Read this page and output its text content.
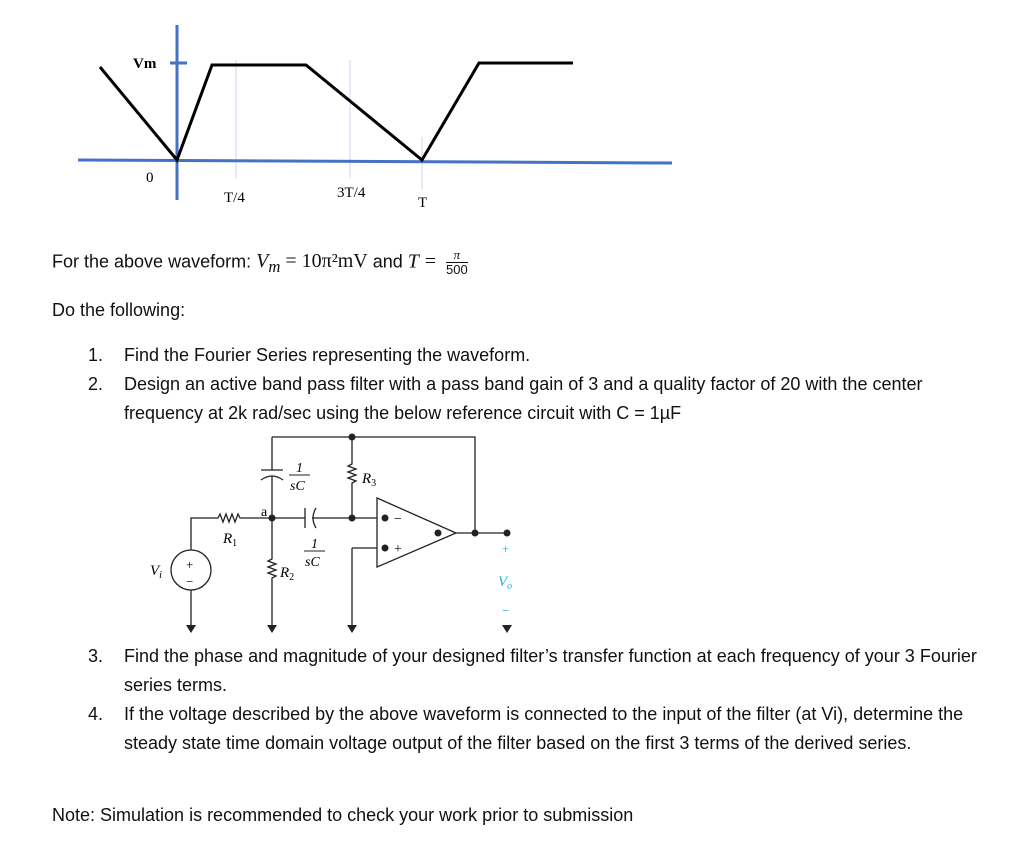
Vm
0
T/4	3T/4
T
For the above waveform: $V_m = 10\pi^2mV$ and $T = \frac{\pi}{500}$
Do the following:
1. Find the Fourier Series representing the waveform.
2. Design an active band pass filter with a pass band gain of 3 and a quality factor of 20 with the center frequency at 2k rad/sec using the below reference circuit with C = 1µF
+
−
−
+
a
1
sC
1
sC
$R_1$
$R_2$
$R_3$
$V_i$
+
$V_o$
−
3. Find the phase and magnitude of your designed filter’s transfer function at each frequency of your 3 Fourier series terms.
4. If the voltage described by the above waveform is connected to the input of the filter (at Vi), determine the steady state time domain voltage output of the filter based on the first 3 terms of the derived series.
Note: Simulation is recommended to check your work prior to submission
